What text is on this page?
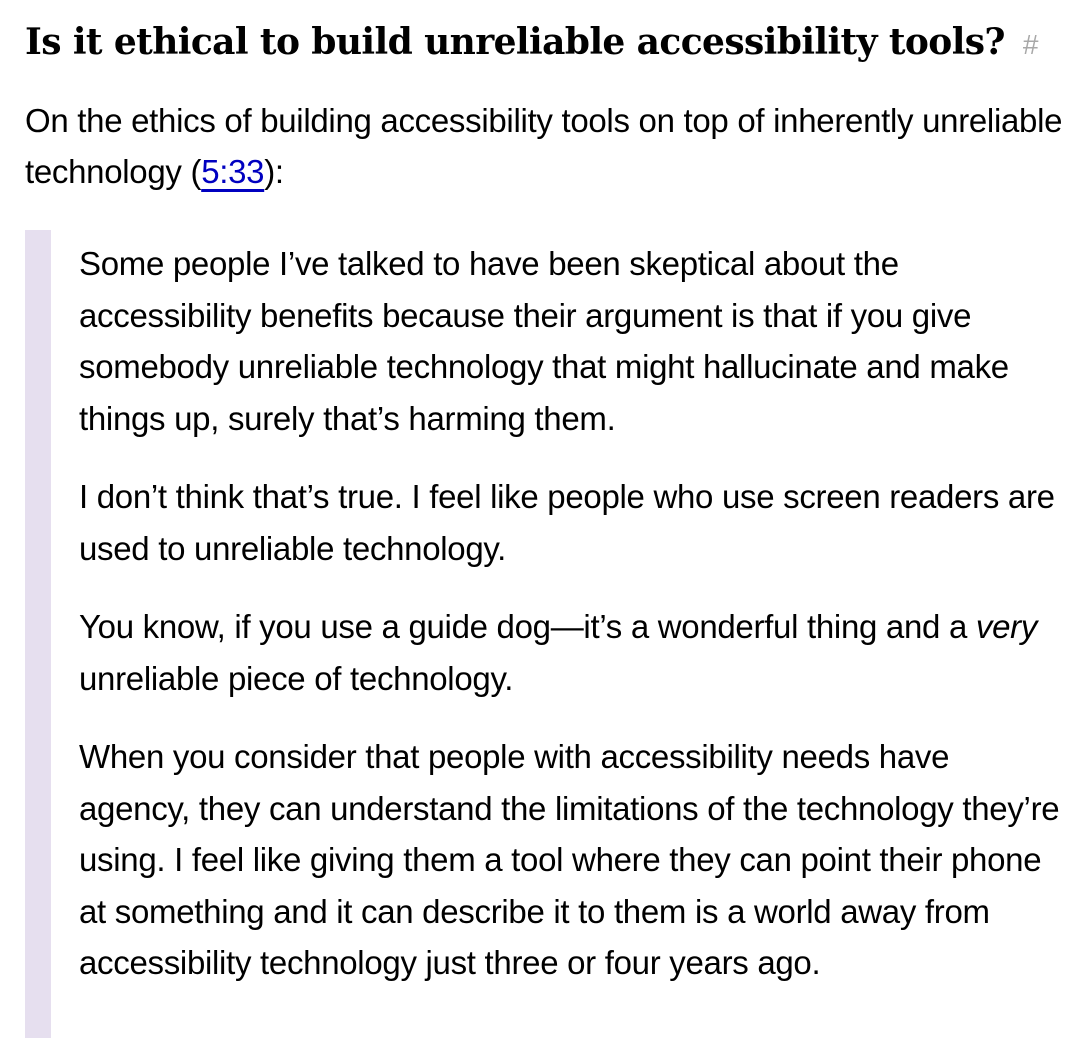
Is it ethical to build unreliable accessibility tools? #

On the ethics of building accessibility tools on top of inherently unreliable technology (5:33):

Some people I’ve talked to have been skeptical about the accessibility benefits because their argument is that if you give somebody unreliable technology that might hallucinate and make things up, surely that’s harming them.

I don’t think that’s true. I feel like people who use screen readers are used to unreliable technology.

You know, if you use a guide dog—it’s a wonderful thing and a very unreliable piece of technology.

When you consider that people with accessibility needs have agency, they can understand the limitations of the technology they’re using. I feel like giving them a tool where they can point their phone at something and it can describe it to them is a world away from accessibility technology just three or four years ago.
